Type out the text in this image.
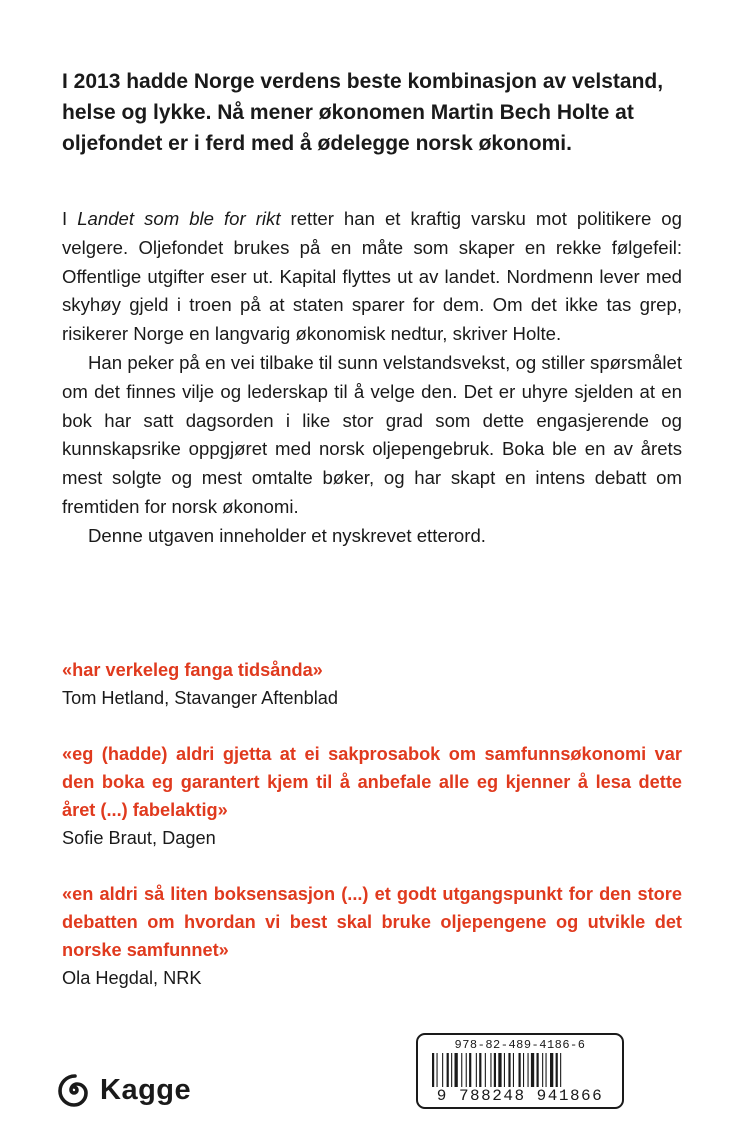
I 2013 hadde Norge verdens beste kombinasjon av velstand, helse og lykke. Nå mener økonomen Martin Bech Holte at oljefondet er i ferd med å ødelegge norsk økonomi.

I Landet som ble for rikt retter han et kraftig varsku mot politikere og velgere. Oljefondet brukes på en måte som skaper en rekke følgefeil: Offentlige utgifter eser ut. Kapital flyttes ut av landet. Nordmenn lever med skyhøy gjeld i troen på at staten sparer for dem. Om det ikke tas grep, risikerer Norge en langvarig økonomisk nedtur, skriver Holte.

Han peker på en vei tilbake til sunn velstandsvekst, og stiller spørsmålet om det finnes vilje og lederskap til å velge den. Det er uhyre sjelden at en bok har satt dagsorden i like stor grad som dette engasjerende og kunnskapsrike oppgjøret med norsk oljepengebruk. Boka ble en av årets mest solgte og mest omtalte bøker, og har skapt en intens debatt om fremtiden for norsk økonomi.

Denne utgaven inneholder et nyskrevet etterord.

«har verkeleg fanga tidsånda»

Tom Hetland, Stavanger Aftenblad

«eg (hadde) aldri gjetta at ei sakprosabok om samfunnsøkonomi var den boka eg garantert kjem til å anbefale alle eg kjenner å lesa dette året (...) fabelaktig»

Sofie Braut, Dagen

«en aldri så liten boksensasjon (...) et godt utgangspunkt for den store debatten om hvordan vi best skal bruke oljepengene og utvikle det norske samfunnet»

Ola Hegdal, NRK

Kagge
978-82-489-4186-6
9 788248 941866
